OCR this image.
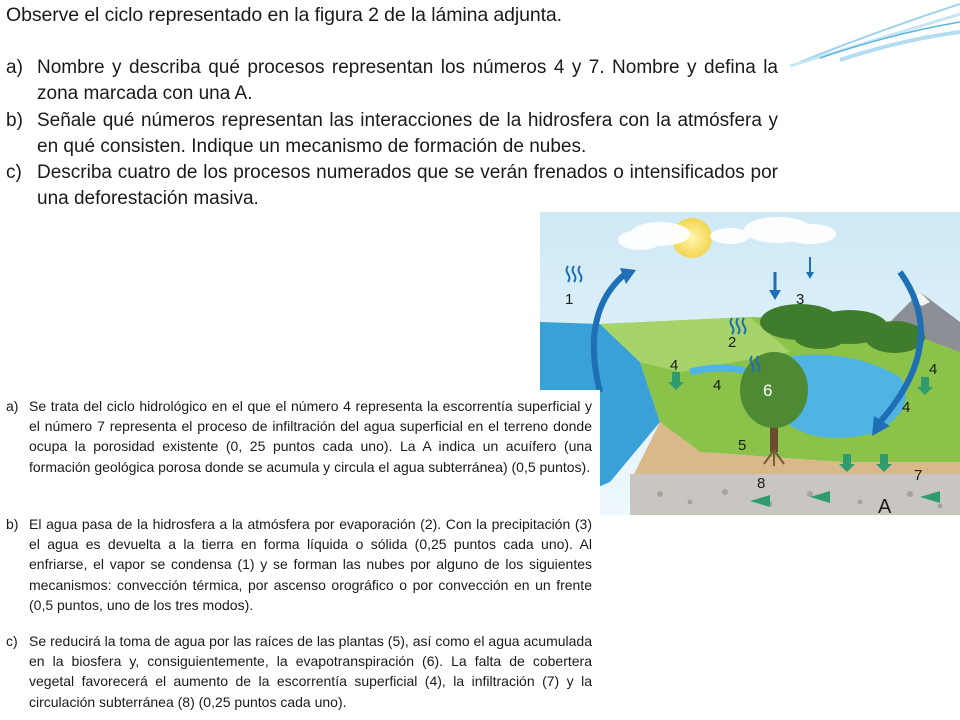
Observe el ciclo representado en la figura 2 de la lámina adjunta.

a) Nombre y describa qué procesos representan los números 4 y 7. Nombre y defina la zona marcada con una A.
b) Señale qué números representan las interacciones de la hidrosfera con la atmósfera y en qué consisten. Indique un mecanismo de formación de nubes.
c) Describa cuatro de los procesos numerados que se verán frenados o intensificados por una deforestación masiva.
1
2
3
4
4
4
4
5
6
7
8
A
a) Se trata del ciclo hidrológico en el que el número 4 representa la escorrentía superficial y el número 7 representa el proceso de infiltración del agua superficial en el terreno donde ocupa la porosidad existente (0, 25 puntos cada uno). La A indica un acuífero (una formación geológica porosa donde se acumula y circula el agua subterránea) (0,5 puntos).
b) El agua pasa de la hidrosfera a la atmósfera por evaporación (2). Con la precipitación (3) el agua es devuelta a la tierra en forma líquida o sólida (0,25 puntos cada uno). Al enfriarse, el vapor se condensa (1) y se forman las nubes por alguno de los siguientes mecanismos: convección térmica, por ascenso orográfico o por convección en un frente (0,5 puntos, uno de los tres modos).
c) Se reducirá la toma de agua por las raíces de las plantas (5), así como el agua acumulada en la biosfera y, consiguientemente, la evapotranspiración (6). La falta de cobertera vegetal favorecerá el aumento de la escorrentía superficial (4), la infiltración (7) y la circulación subterránea (8) (0,25 puntos cada uno).
